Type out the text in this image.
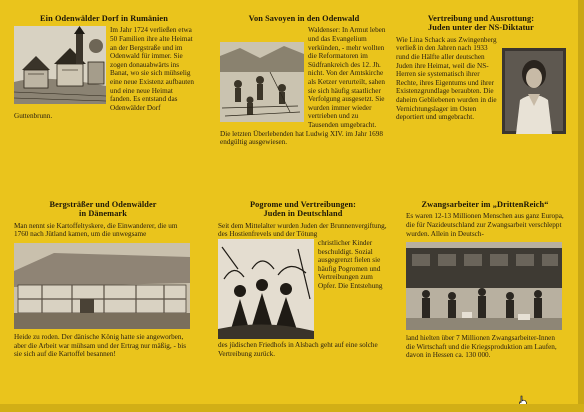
Ein Odenwälder Dorf in Rumänien

Im Jahr 1724 verließen etwa 50 Familien ihre alte Heimat an der Bergstraße und im Odenwald für immer. Sie zogen donauabwärts ins Banat, wo sie sich mühselig eine neue Existenz aufbauten und eine neue Heimat fanden. Es entstand das Odenwälder Dorf Guttenbrunn.

Von Savoyen in den Odenwald

Waldenser: In Armut leben und das Evangelium verkünden, - mehr wollten die Reformatoren im Südfrankreich des 12. Jh. nicht. Von der Amtskirche als Ketzer verurteilt, sahen sie sich häufig staatlicher Verfolgung ausgesetzt. Sie wurden immer wieder vertrieben und zu Tausenden umgebracht. Die letzten Überlebenden hat Ludwig XIV. im Jahr 1698 endgültig ausgewiesen.

Vertreibung und Ausrottung:
Juden unter der NS-Diktatur

Wie Lina Schack aus Zwingenberg verließ in den Jahren nach 1933 rund die Hälfte aller deutschen Juden ihre Heimat, weil die NS-Herren sie systematisch ihrer Rechte, ihres Eigentums und ihrer Existenzgrundlage beraubten. Die daheim Gebliebenen wurden in die Vernichtungslager im Osten deportiert und umgebracht.

Bergsträßer und Odenwälder
in Dänemark

Man nennt sie Kartoffeltyskere, die Einwanderer, die um 1760 nach Jütland kamen, um die unwegsame

Heide zu roden. Der dänische König hatte sie angeworben, aber die Arbeit war mühsam und der Ertrag nur mäßig, - bis sie sich auf die Kartoffel besannen!

Pogrome und Vertreibungen:
Juden in Deutschland

Seit dem Mittelalter wurden Juden der Brunnenvergiftung, des Hostienfrevels und der Tötung

christlicher Kinder beschuldigt. Sozial ausgegrenzt fielen sie häufig Pogromen und Vertreibungen zum Opfer. Die Entstehung

des jüdischen Friedhofs in Alsbach geht auf eine solche Vertreibung zurück.

Zwangsarbeiter im „DrittenReich“

Es waren 12-13 Millionen Menschen aus ganz Europa, die für Nazideutschland zur Zwangsarbeit verschleppt wurden. Allein in Deutsch-

land hielten über 7 Millionen Zwangsarbeiter-Innen die Wirtschaft und die Kriegsproduktion am Laufen, davon in Hessen ca. 130 000.
